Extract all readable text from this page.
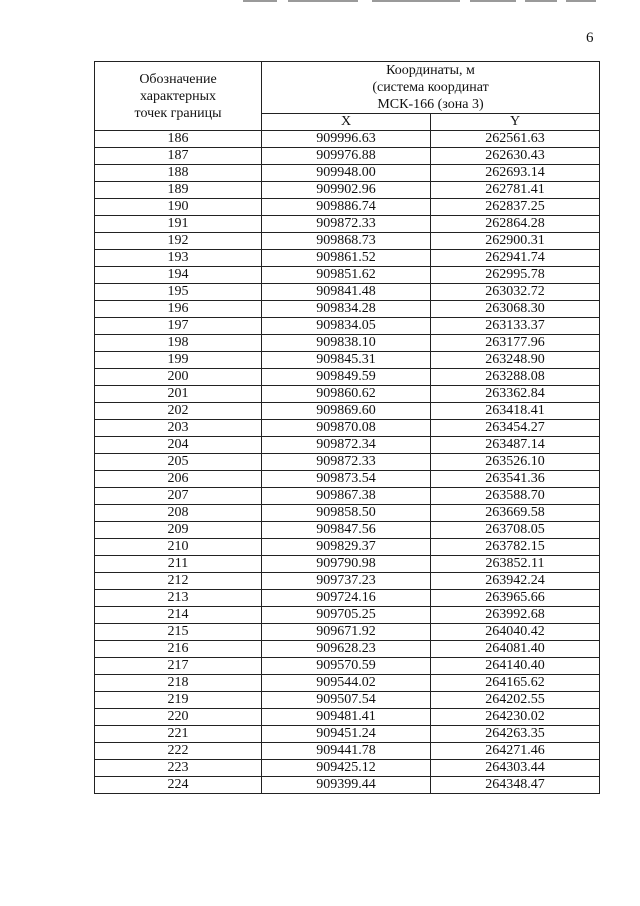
6
Обозначение
характерных
точек границы	Координаты, м
(система координат
МСК-166 (зона 3)	

	X	Y
186	909996.63	262561.63
187	909976.88	262630.43
188	909948.00	262693.14
189	909902.96	262781.41
190	909886.74	262837.25
191	909872.33	262864.28
192	909868.73	262900.31
193	909861.52	262941.74
194	909851.62	262995.78
195	909841.48	263032.72
196	909834.28	263068.30
197	909834.05	263133.37
198	909838.10	263177.96
199	909845.31	263248.90
200	909849.59	263288.08
201	909860.62	263362.84
202	909869.60	263418.41
203	909870.08	263454.27
204	909872.34	263487.14
205	909872.33	263526.10
206	909873.54	263541.36
207	909867.38	263588.70
208	909858.50	263669.58
209	909847.56	263708.05
210	909829.37	263782.15
211	909790.98	263852.11
212	909737.23	263942.24
213	909724.16	263965.66
214	909705.25	263992.68
215	909671.92	264040.42
216	909628.23	264081.40
217	909570.59	264140.40
218	909544.02	264165.62
219	909507.54	264202.55
220	909481.41	264230.02
221	909451.24	264263.35
222	909441.78	264271.46
223	909425.12	264303.44
224	909399.44	264348.47
